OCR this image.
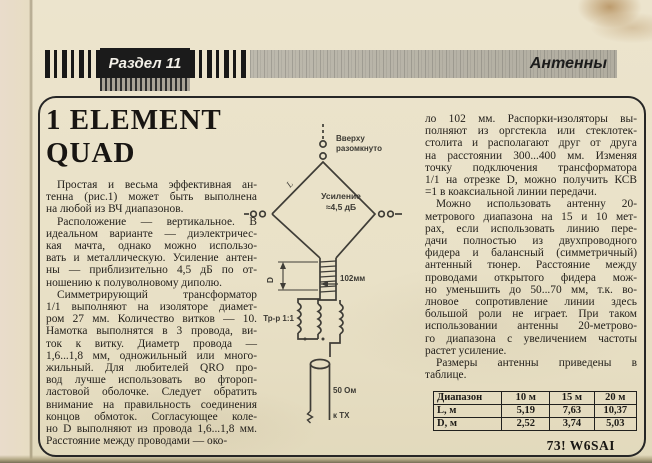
Раздел 11	Антенны
1 ELEMENT
QUAD
Простая и весьма эффективная ан-
тенна (рис.1) может быть выполнена
на любой из ВЧ диапазонов.
Расположение — вертикальное. В
идеальном варианте — диэлектричес-
кая мачта, однако можно использо-
вать и металлическую. Усиление антен-
ны — приблизительно 4,5 дБ по от-
ношению к полуволновому диполю.
Симметрирующий трансформатор
1/1 выполняют на изоляторе диамет-
ром 27 мм. Количество витков — 10.
Намотка выполнятся в 3 провода, ви-
ток к витку. Диаметр провода —
1,6...1,8 мм, одножильный или много-
жильный. Для любителей QRO про-
вод лучше использовать во фтороп-
ластовой оболочке. Следует обратить
внимание на правильность соединения
концов обмоток. Согласующее коле-
но D выполняют из провода 1,6...1,8 мм.
Расстояние между проводами — око-
ло 102 мм. Распорки-изоляторы вы-
полняют из оргстекла или стеклотек-
столита и располагают друг от друга
на расстоянии 300...400 мм. Изменяя
точку подключения трансформатора
1/1 на отрезке D, можно получить КСВ
=1 в коаксиальной линии передачи.
Можно использовать антенну 20-
метрового диапазона на 15 и 10 мет-
рах, если использовать линию пере-
дачи полностью из двухпроводного
фидера и балансный (симметричный)
антенный тюнер. Расстояние между
проводами открытого фидера мож-
но уменьшить до 50...70 мм, т.к. во-
лновое сопротивление линии здесь
большой роли не играет. При таком
использовании антенны 20-метрово-
го диапазона с увеличением частоты
растет усиление.
Размеры антенны приведены в
таблице.
Диапазон	10 м	15 м	20 м
L, м	5,19	7,63	10,37
D, м	2,52	3,74	5,03
73! W6SAI
Вверху
разомкнуто
L
Усиление
≈4,5 дБ
102мм
D
Тр-р 1:1
50 Ом
к TX
